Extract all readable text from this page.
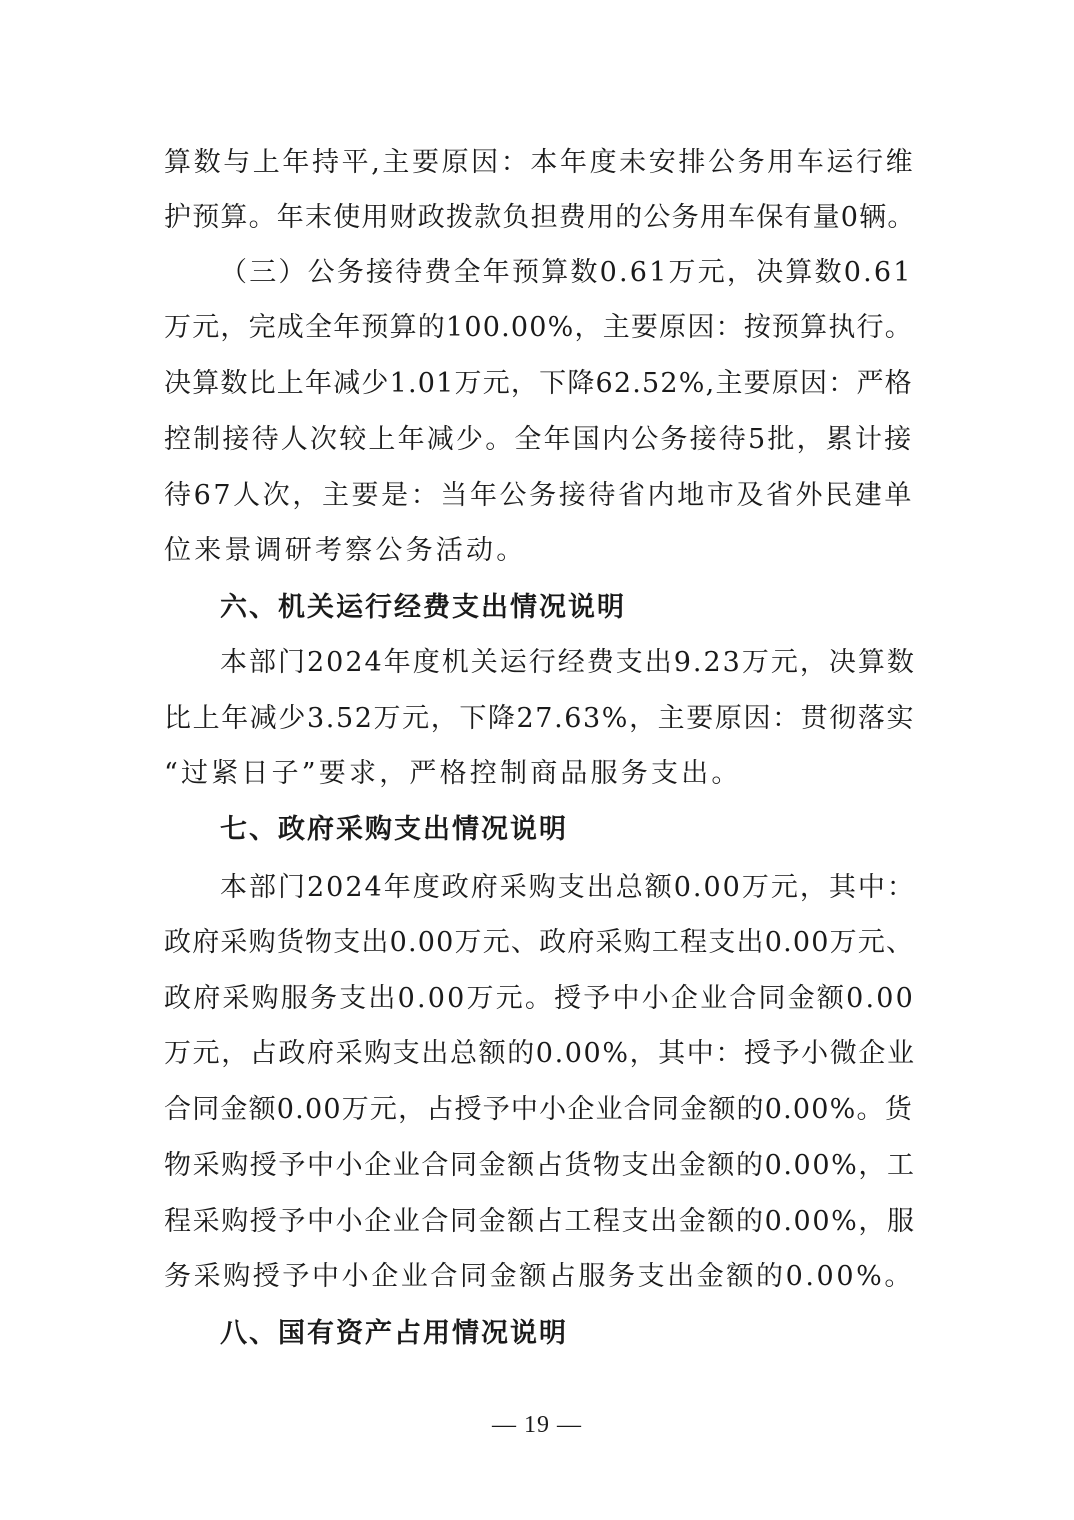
算数与上年持平,主要原因：本年度未安排公务用车运行维
护预算。年末使用财政拨款负担费用的公务用车保有量0辆。
（三）公务接待费全年预算数0.61万元，决算数0.61
万元，完成全年预算的100.00%，主要原因：按预算执行。
决算数比上年减少1.01万元，下降62.52%,主要原因：严格
控制接待人次较上年减少。全年国内公务接待5批，累计接
待67人次，主要是：当年公务接待省内地市及省外民建单
位来景调研考察公务活动。
六、机关运行经费支出情况说明
本部门2024年度机关运行经费支出9.23万元，决算数
比上年减少3.52万元，下降27.63%，主要原因：贯彻落实
“过紧日子”要求，严格控制商品服务支出。
七、政府采购支出情况说明
本部门2024年度政府采购支出总额0.00万元，其中：
政府采购货物支出0.00万元、政府采购工程支出0.00万元、
政府采购服务支出0.00万元。授予中小企业合同金额0.00
万元，占政府采购支出总额的0.00%，其中：授予小微企业
合同金额0.00万元，占授予中小企业合同金额的0.00%。货
物采购授予中小企业合同金额占货物支出金额的0.00%，工
程采购授予中小企业合同金额占工程支出金额的0.00%，服
务采购授予中小企业合同金额占服务支出金额的0.00%。
八、国有资产占用情况说明
— 19 —
